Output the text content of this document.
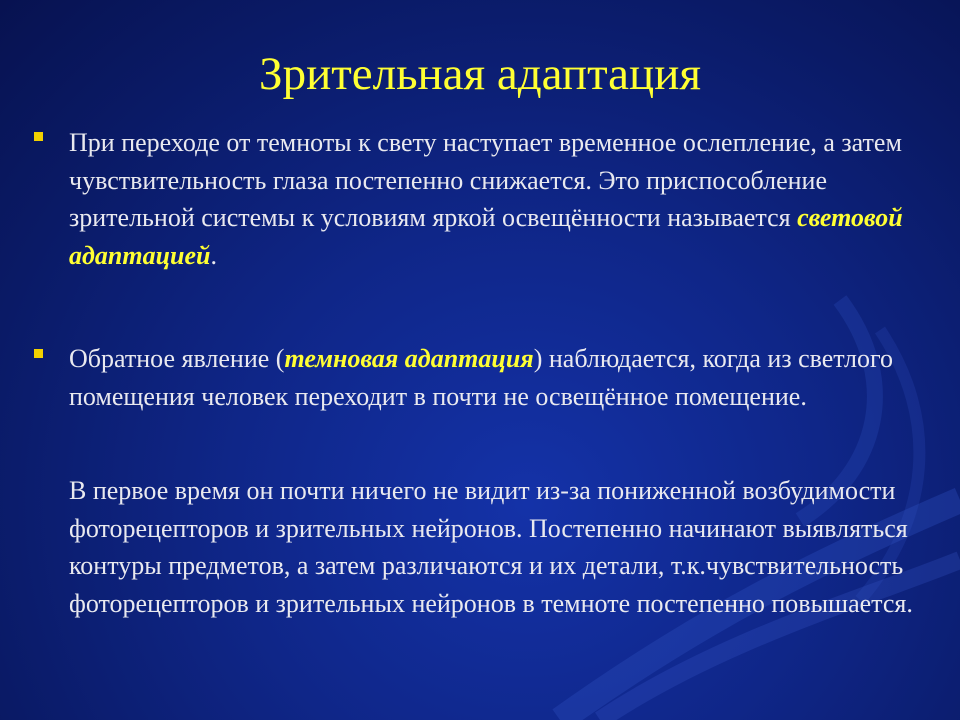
Зрительная адаптация

При переходе от темноты к свету наступает временное ослепление, а затем чувствительность глаза постепенно снижается. Это приспособление зрительной системы к условиям яркой освещённости называется световой адаптацией.

Обратное явление (темновая адаптация) наблюдается, когда из светлого помещения человек переходит в почти не освещённое помещение.

В первое время он почти ничего не видит из-за пониженной возбудимости фоторецепторов и зрительных нейронов. Постепенно начинают выявляться контуры предметов, а затем различаются и их детали, т.к.чувствительность фоторецепторов и зрительных нейронов в темноте постепенно повышается.
